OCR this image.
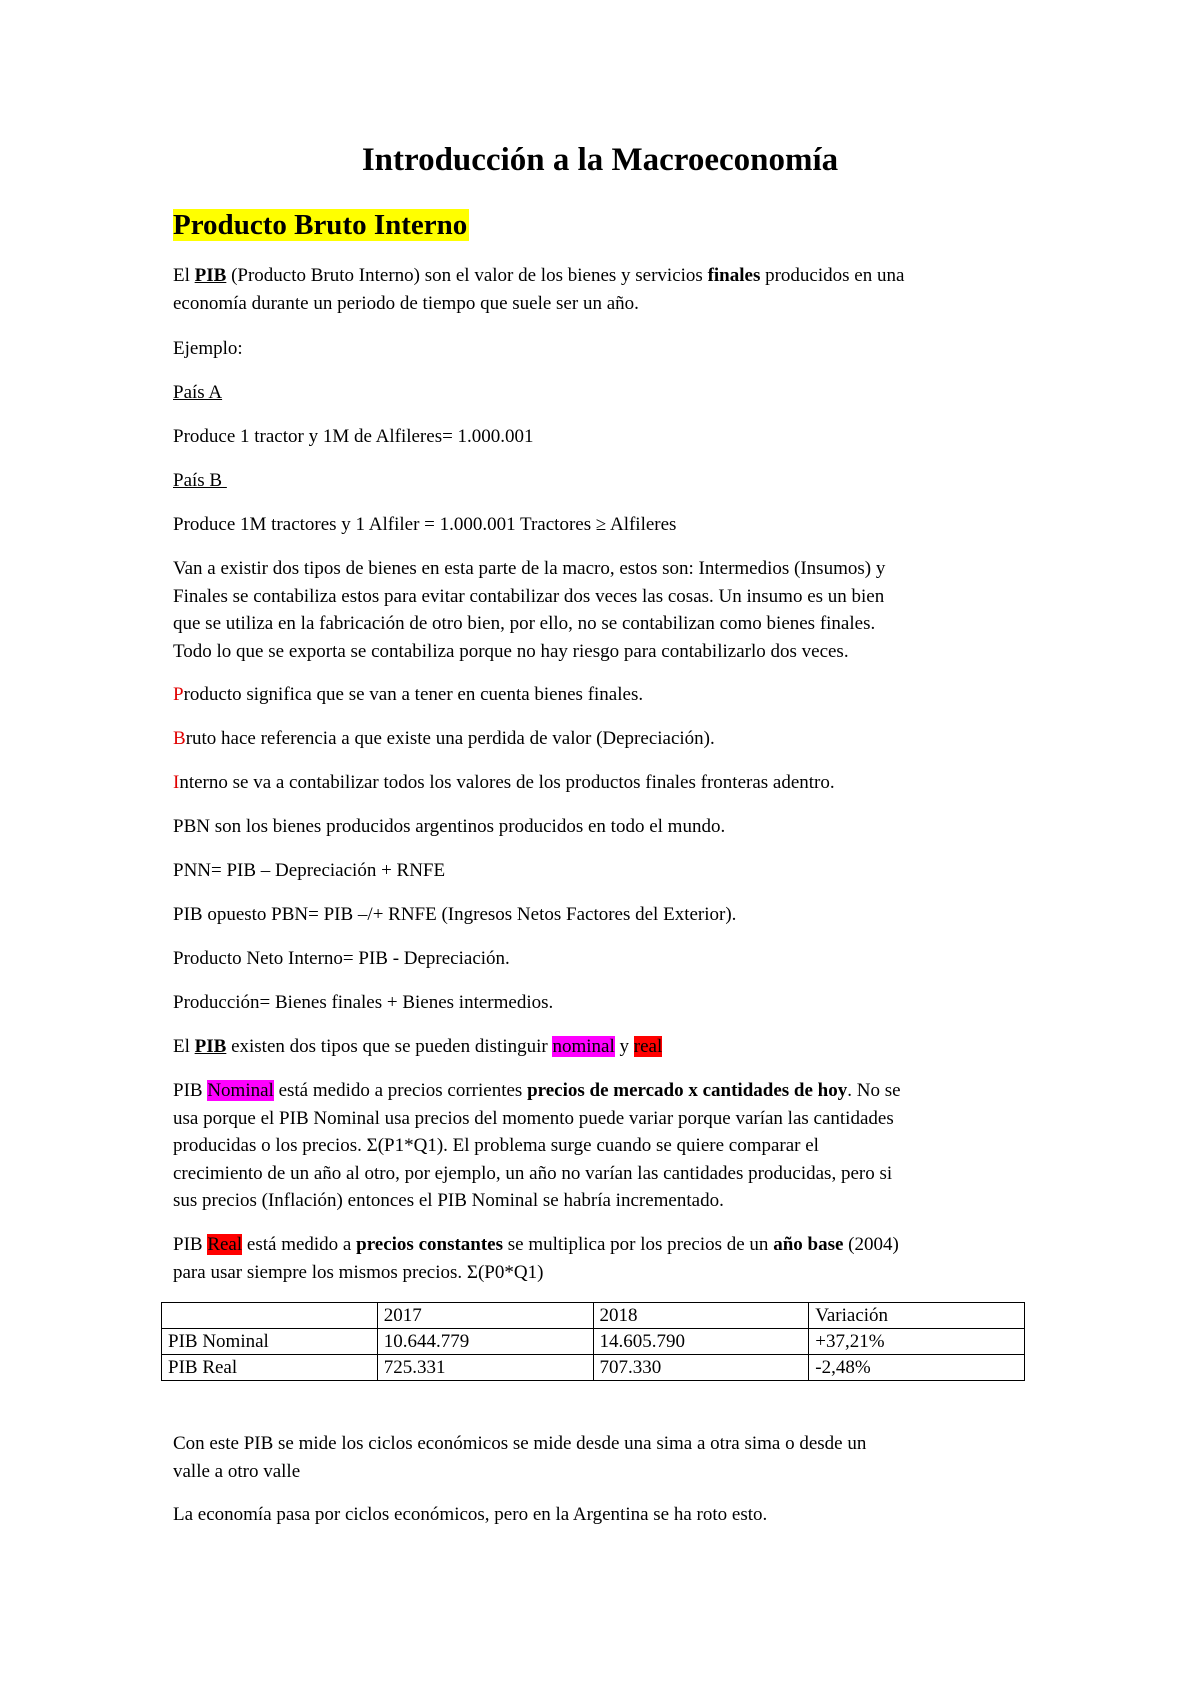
Introducción a la Macroeconomía
Producto Bruto Interno

El PIB (Producto Bruto Interno) son el valor de los bienes y servicios finales producidos en una
economía durante un periodo de tiempo que suele ser un año.

Ejemplo:

País A

Produce 1 tractor y 1M de Alfileres= 1.000.001

País B

Produce 1M tractores y 1 Alfiler = 1.000.001 Tractores ≥ Alfileres

Van a existir dos tipos de bienes en esta parte de la macro, estos son: Intermedios (Insumos) y
Finales se contabiliza estos para evitar contabilizar dos veces las cosas. Un insumo es un bien
que se utiliza en la fabricación de otro bien, por ello, no se contabilizan como bienes finales.
Todo lo que se exporta se contabiliza porque no hay riesgo para contabilizarlo dos veces.

Producto significa que se van a tener en cuenta bienes finales.

Bruto hace referencia a que existe una perdida de valor (Depreciación).

Interno se va a contabilizar todos los valores de los productos finales fronteras adentro.

PBN son los bienes producidos argentinos producidos en todo el mundo.

PNN= PIB – Depreciación + RNFE

PIB opuesto PBN= PIB –/+ RNFE (Ingresos Netos Factores del Exterior).

Producto Neto Interno= PIB - Depreciación.

Producción= Bienes finales + Bienes intermedios.

El PIB existen dos tipos que se pueden distinguir nominal y real

PIB Nominal está medido a precios corrientes precios de mercado x cantidades de hoy. No se
usa porque el PIB Nominal usa precios del momento puede variar porque varían las cantidades
producidas o los precios. Σ(P1*Q1). El problema surge cuando se quiere comparar el
crecimiento de un año al otro, por ejemplo, un año no varían las cantidades producidas, pero si
sus precios (Inflación) entonces el PIB Nominal se habría incrementado.

PIB Real está medido a precios constantes se multiplica por los precios de un año base (2004)
para usar siempre los mismos precios. Σ(P0*Q1)

	2017	2018	Variación
PIB Nominal	10.644.779	14.605.790	+37,21%
PIB Real	725.331	707.330	-2,48%

Con este PIB se mide los ciclos económicos se mide desde una sima a otra sima o desde un
valle a otro valle

La economía pasa por ciclos económicos, pero en la Argentina se ha roto esto.
